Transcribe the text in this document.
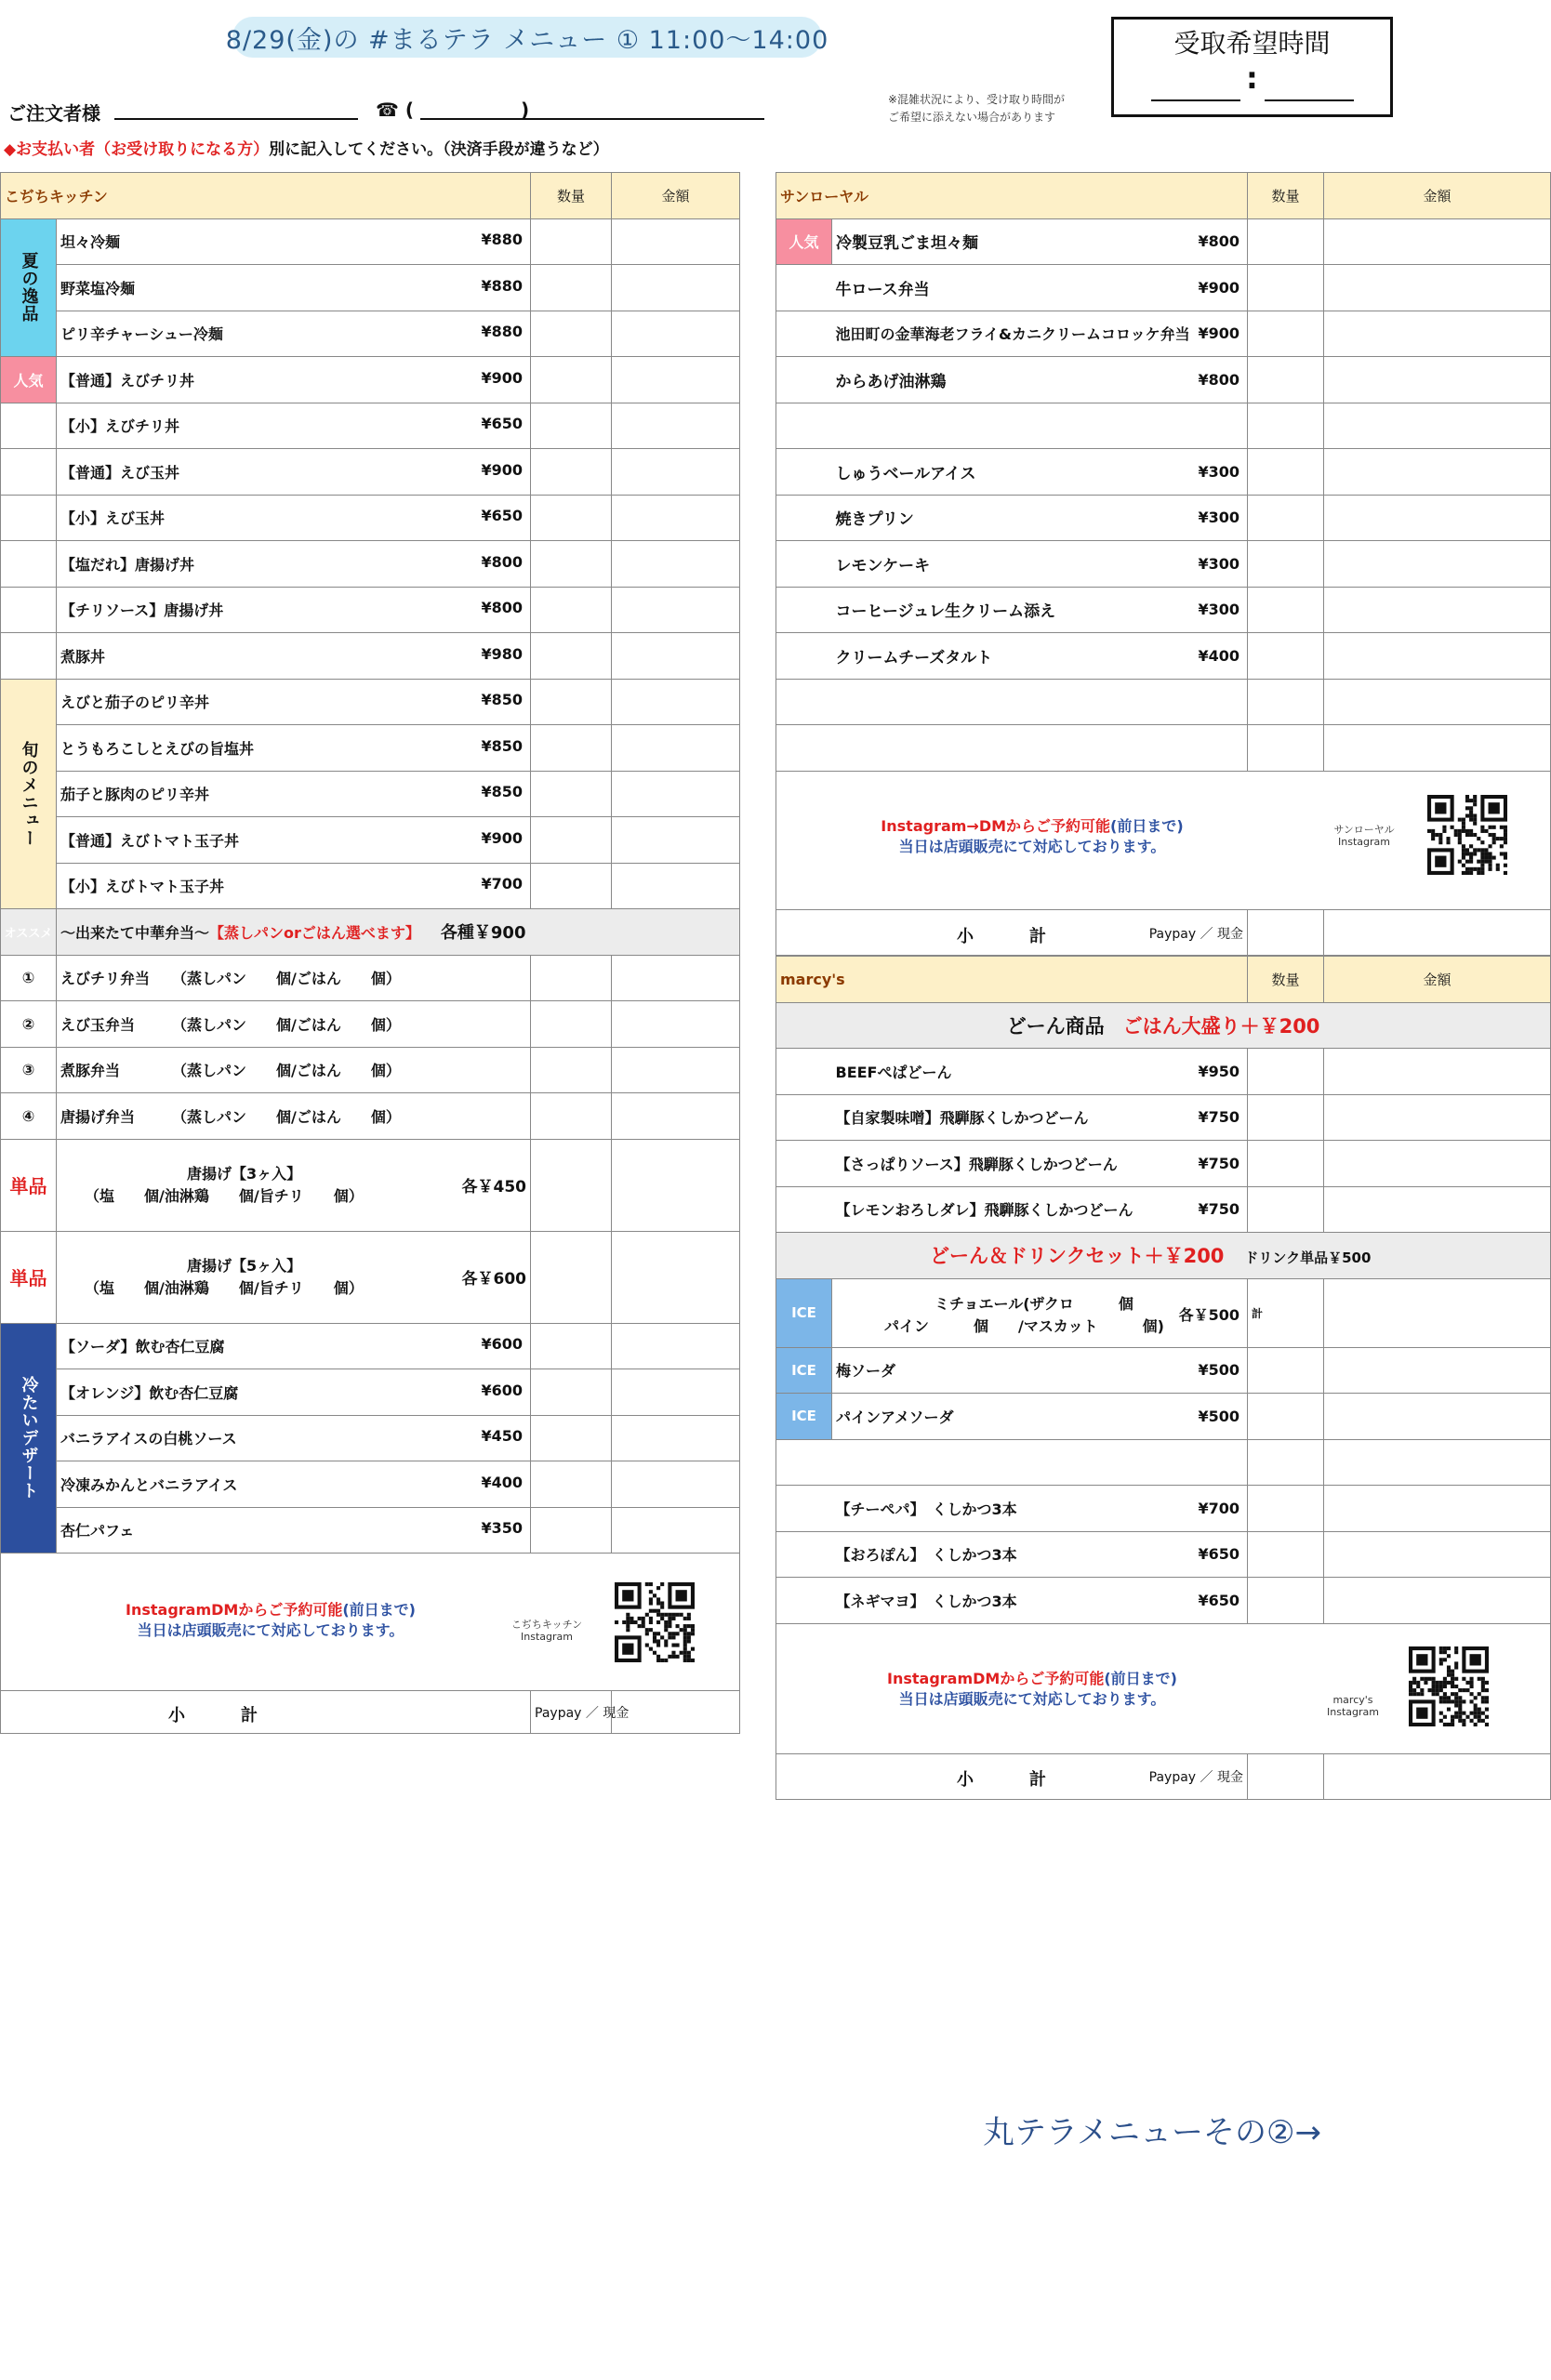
8/29(金)の #まるテラ メニュー ① 11:00〜14:00	受取希望時間
:
ご注文者様	☎ (	)	※混雑状況により、受け取り時間が
ご希望に添えない場合があります
◆お支払い者（お受け取りになる方）別に記入してください。（決済手段が違うなど）
こぢちキッチン		数量	金額

夏の逸品	坦々冷麺 ¥880		

	野菜塩冷麺 ¥880		

	ピリ辛チャーシュー冷麺 ¥880		

人気	【普通】えびチリ丼 ¥900		

	【小】えびチリ丼 ¥650		

	【普通】えび玉丼 ¥900		

	【小】えび玉丼 ¥650		

	【塩だれ】唐揚げ丼 ¥800		

	【チリソース】唐揚げ丼 ¥800		

	煮豚丼 ¥980		

旬のメニュー	えびと茄子のピリ辛丼 ¥850		

	とうもろこしとえびの旨塩丼 ¥850		

	茄子と豚肉のピリ辛丼 ¥850		

	【普通】えびトマト玉子丼 ¥900		

	【小】えびトマト玉子丼 ¥700		

オススメ	〜出来たて中華弁当〜【蒸しパンorごはん選べます】 各種￥900		
①	えびチリ弁当 （蒸しパン　　個/ごはん　　個）		
②	えび玉弁当 （蒸しパン　　個/ごはん　　個）		
③	煮豚弁当 （蒸しパン　　個/ごはん　　個）		
④	唐揚げ弁当 （蒸しパン　　個/ごはん　　個）		
単品	唐揚げ【3ヶ入】
（塩　　個/油淋鶏　　個/旨チリ　　個） 各￥450		

単品	唐揚げ【5ヶ入】
（塩　　個/油淋鶏　　個/旨チリ　　個） 各￥600		

冷たいデザート	【ソーダ】飲む杏仁豆腐 ¥600		

	【オレンジ】飲む杏仁豆腐 ¥600		

	バニラアイスの白桃ソース ¥450		

	冷凍みかんとバニラアイス ¥400		

	杏仁パフェ ¥350		

InstagramDMからご予約可能(前日まで)
当日は店頭販売にて対応しております。 こぢちキッチン
Instagram			

小 計		Paypay ／ 現金	
サンローヤル			数量	金額
人気	冷製豆乳ごま坦々麺	¥800		
	牛ロース弁当	¥900		
	池田町の金華海老フライ&カニクリームコロッケ弁当	¥900		
	からあげ油淋鶏	¥800		

	しゅうベールアイス	¥300		
	焼きプリン	¥300		
	レモンケーキ	¥300		
	コーヒージュレ生クリーム添え	¥300		
	クリームチーズタルト	¥400		

Instagram→DMからご予約可能(前日まで)
当日は店頭販売にて対応しております。
サンローヤル
Instagram				

小 計 Paypay ／ 現金				

marcy's			数量	金額
どーん商品 ごはん大盛り＋￥200				
	BEEFぺぱどーん	¥950		
	【自家製味噌】飛騨豚くしかつどーん	¥750		
	【さっぱりソース】飛騨豚くしかつどーん	¥750		
	【レモンおろしダレ】飛騨豚くしかつどーん	¥750		
どーん＆ドリンクセット＋￥200 ドリンク単品￥500				
ICE	ミチョエール(ザクロ　　　個
パイン　　　個　　/マスカット　　　個)
各￥500		計	
ICE	梅ソーダ	¥500		
ICE	パインアメソーダ	¥500		

	【チーペパ】　くしかつ3本	¥700		
	【おろぽん】　くしかつ3本	¥650		
	【ネギマヨ】　くしかつ3本	¥650		

InstagramDMからご予約可能(前日まで)
当日は店頭販売にて対応しております。 marcy's
Instagram				

小 計 Paypay ／ 現金				

丸テラメニューその②→
